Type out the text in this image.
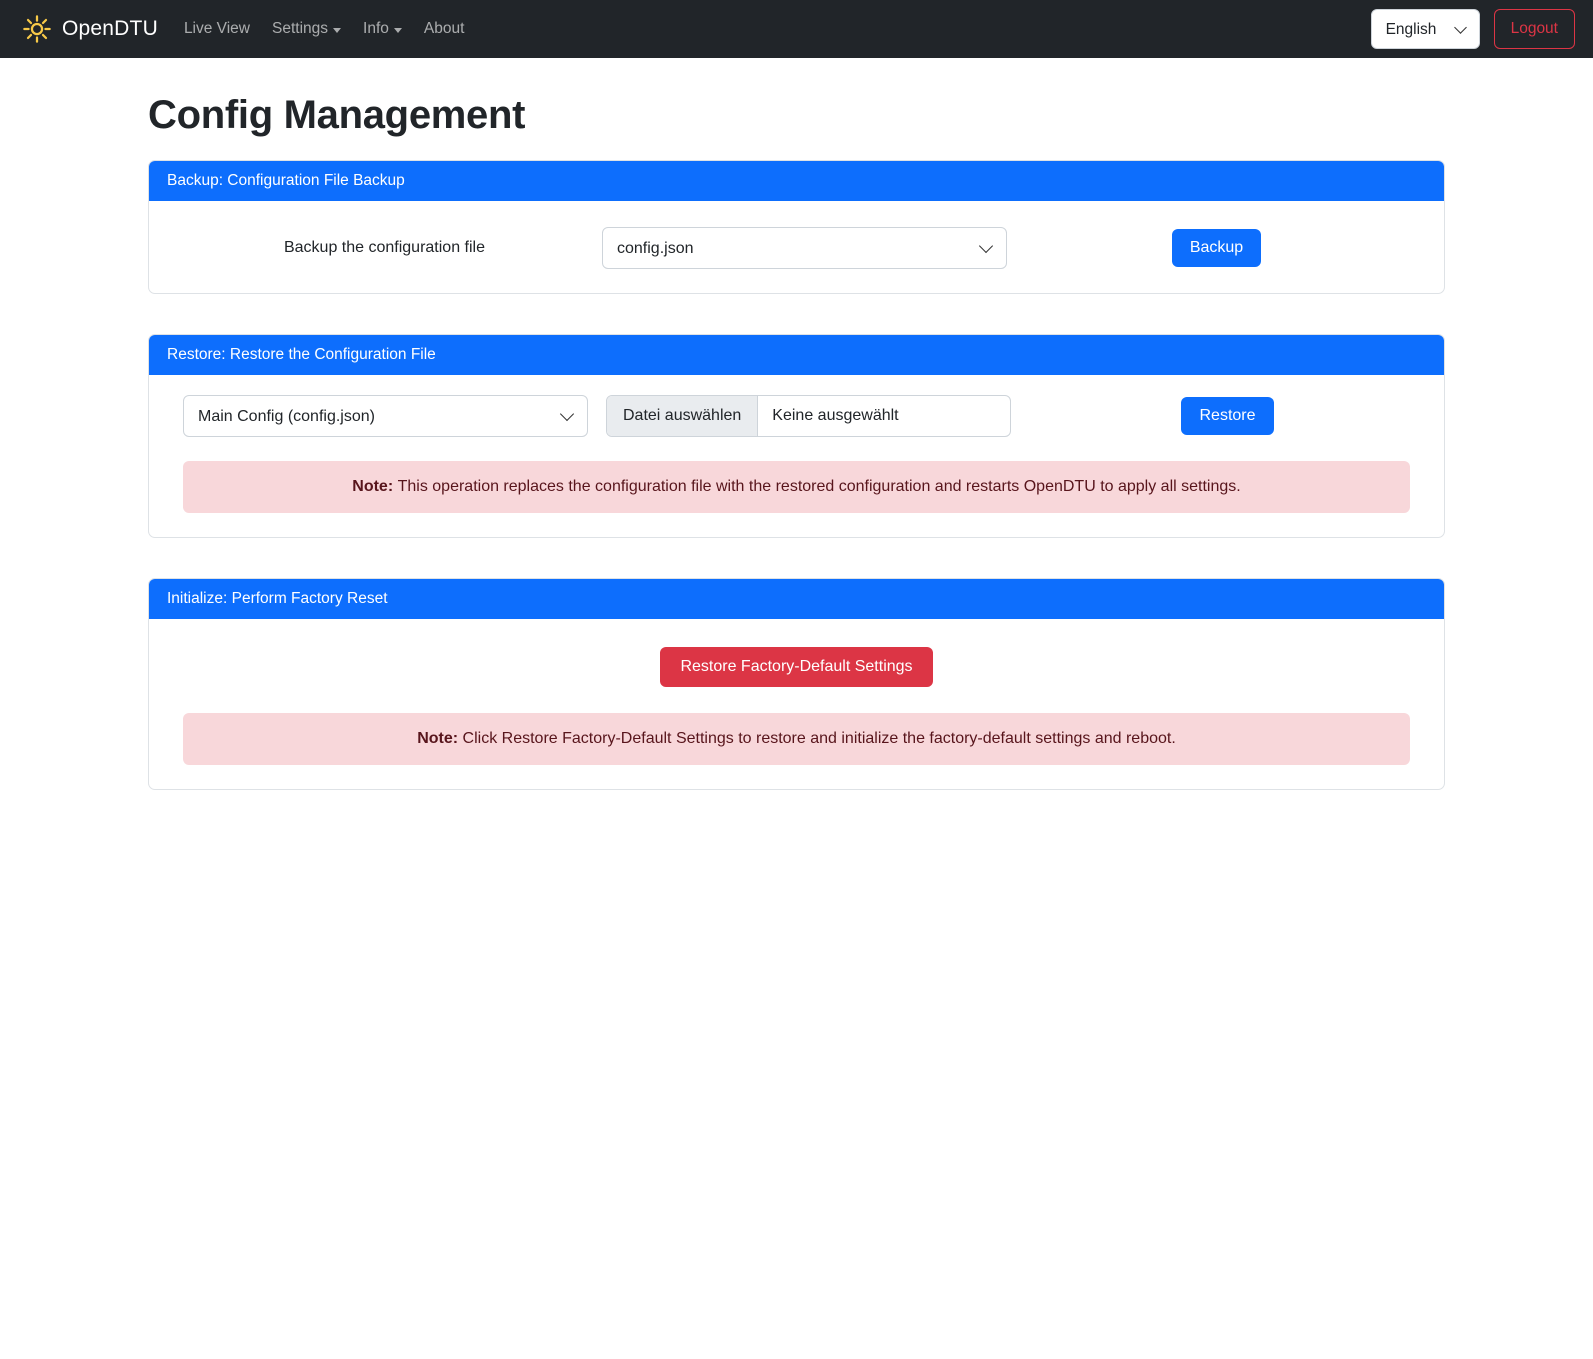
OpenDTU Live View Settings Info About
English	Logout
Config Management
Backup: Configuration File Backup
Backup the configuration file
config.json	Backup
Restore: Restore the Configuration File
Main Config (config.json)
Datei auswählen	Keine ausgewählt	Restore
Note: This operation replaces the configuration file with the restored configuration and restarts OpenDTU to apply all settings.
Initialize: Perform Factory Reset
Restore Factory-Default Settings
Note: Click Restore Factory-Default Settings to restore and initialize the factory-default settings and reboot.
